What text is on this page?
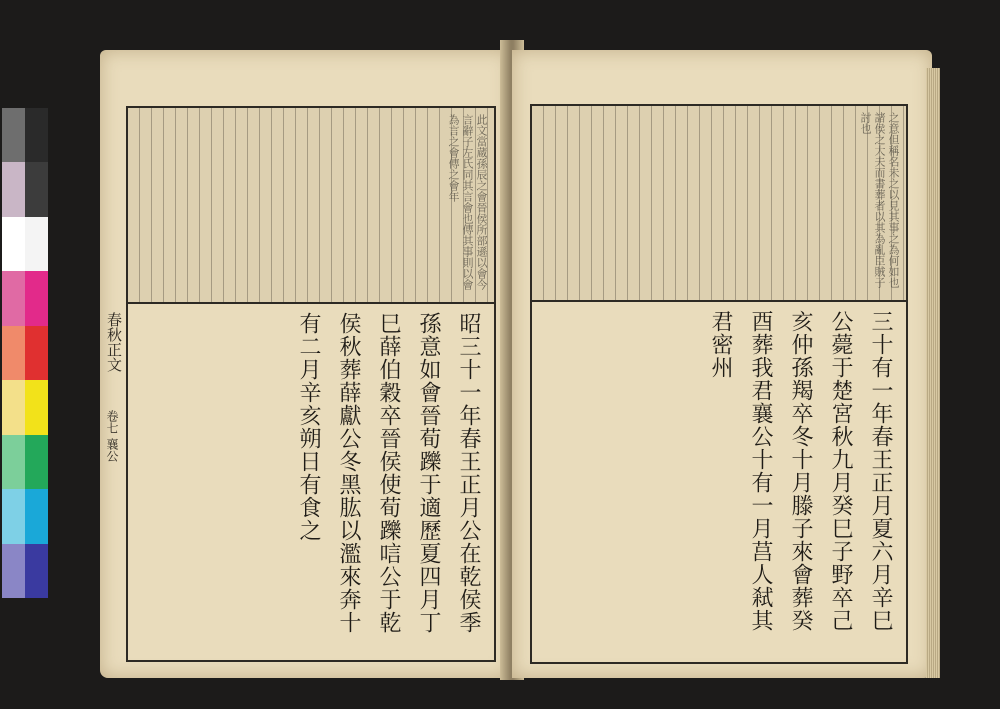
此文當蔵孫辰之會晉侯所部遜以會今言辭子左氏同其言會也傳其事則以會為言之會傳之會年
昭三十一年春王正月公在乾侯季孫意如會晉荀躒于適歷夏四月丁巳薛伯穀卒晉侯使荀躒唁公于乾侯秋葬薛獻公冬黑肱以濫來奔十有二月辛亥朔日有食之
春秋正文
卷七 襄公
之意但稱名未之以見其事之為何如也諸侯之大夫而書葬者以其為亂臣賊子討也
三十有一年春王正月夏六月辛巳公薨于楚宮秋九月癸巳子野卒己亥仲孫羯卒冬十月滕子來會葬癸酉葬我君襄公十有一月莒人弒其君密州
